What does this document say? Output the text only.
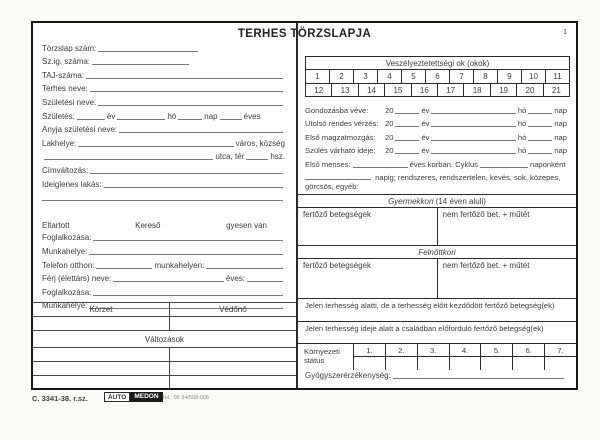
TERHES TÖRZSLAPJA	1
Törzslap szám:
Sz.ig. száma:
TAJ-száma:
Terhes neve:
Születési neve:
Születés:	év	hó	nap	éves
Anyja születési neve:
Lakhelye:	város, község
utca, tér	hsz.
Címváltozás:
Ideiglenes lakás:
Eltartott	Kereső	gyesen van
Foglalkozása:
Munkahelye:
Telefon otthon:	munkahelyen:
Férj (élettárs) neve:	éves:
Foglalkozása:
Munkahelye: Körzet	Védőnő
Változások
Veszélyeztetettségi ok (okok)
1	2	3	4	5	6	7	8	9	10	11
12	13	14	15	16	17	18	19	20	21
Gondozásba véve:	20	év	hó	nap
Utolsó rendes vérzés: 20	év	hó	nap
Első magzatmozgás:	20	év	hó	nap
Szülés várható ideje:	20	év	hó	nap
Első menses:	éves korban. Cyklus	naponként
napig; rendszeres, rendszertelen, kevés, sok, közepes, görcsös, egyéb:
Gyermekkori (14 éven aluli)
fertőző betegségek	nem fertőző bet. + műtét
Felnőttkori
fertőző betegségek	nem fertőző bet. + műtét
Jelen terhesség alatti, de a terhesség előtt kezdődött fertőző betegség(ek)
Jelen terhesség ideje alatt a családban előforduló fertőző betegség(ek)
Környezeti státus
1.	2.	3.	4.	5.	6.	7.
Gyógyszerérzékenység:
C. 3341-38. r.sz.	AUTO	MEDON Tel.: 06 94/508-006
